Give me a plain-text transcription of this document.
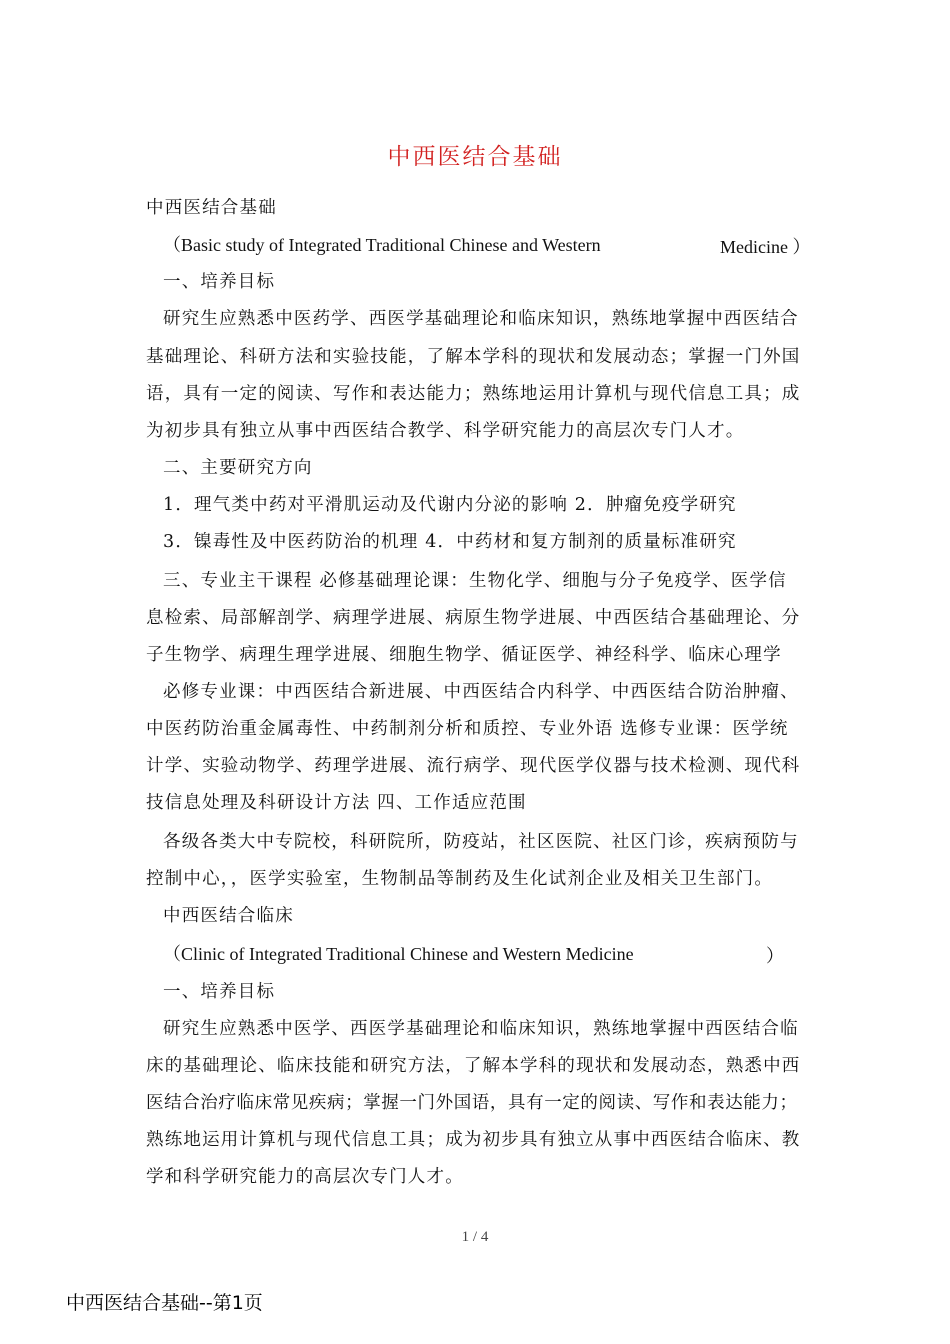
中西医结合基础
中西医结合基础
（Basic study of Integrated Traditional Chinese and Western	Medicine ）
一、培养目标
研究生应熟悉中医药学、西医学基础理论和临床知识，熟练地掌握中西医结合
基础理论、科研方法和实验技能，了解本学科的现状和发展动态；掌握一门外国
语，具有一定的阅读、写作和表达能力；熟练地运用计算机与现代信息工具；成
为初步具有独立从事中西医结合教学、科学研究能力的高层次专门人才。
二、主要研究方向
1．理气类中药对平滑肌运动及代谢内分泌的影响 2．肿瘤免疫学研究
3．镍毒性及中医药防治的机理 4．中药材和复方制剂的质量标准研究
三、专业主干课程 必修基础理论课：生物化学、细胞与分子免疫学、医学信
息检索、局部解剖学、病理学进展、病原生物学进展、中西医结合基础理论、分
子生物学、病理生理学进展、细胞生物学、循证医学、神经科学、临床心理学
必修专业课：中西医结合新进展、中西医结合内科学、中西医结合防治肿瘤、
中医药防治重金属毒性、中药制剂分析和质控、专业外语 选修专业课：医学统
计学、实验动物学、药理学进展、流行病学、现代医学仪器与技术检测、现代科
技信息处理及科研设计方法 四、工作适应范围
各级各类大中专院校，科研院所，防疫站，社区医院、社区门诊，疾病预防与
控制中心，，医学实验室，生物制品等制药及生化试剂企业及相关卫生部门。
中西医结合临床
（Clinic of Integrated Traditional Chinese and Western Medicine	）
一、培养目标
研究生应熟悉中医学、西医学基础理论和临床知识，熟练地掌握中西医结合临
床的基础理论、临床技能和研究方法，了解本学科的现状和发展动态，熟悉中西
医结合治疗临床常见疾病；掌握一门外国语，具有一定的阅读、写作和表达能力；
熟练地运用计算机与现代信息工具；成为初步具有独立从事中西医结合临床、教
学和科学研究能力的高层次专门人才。
1 / 4
中西医结合基础--第1页
